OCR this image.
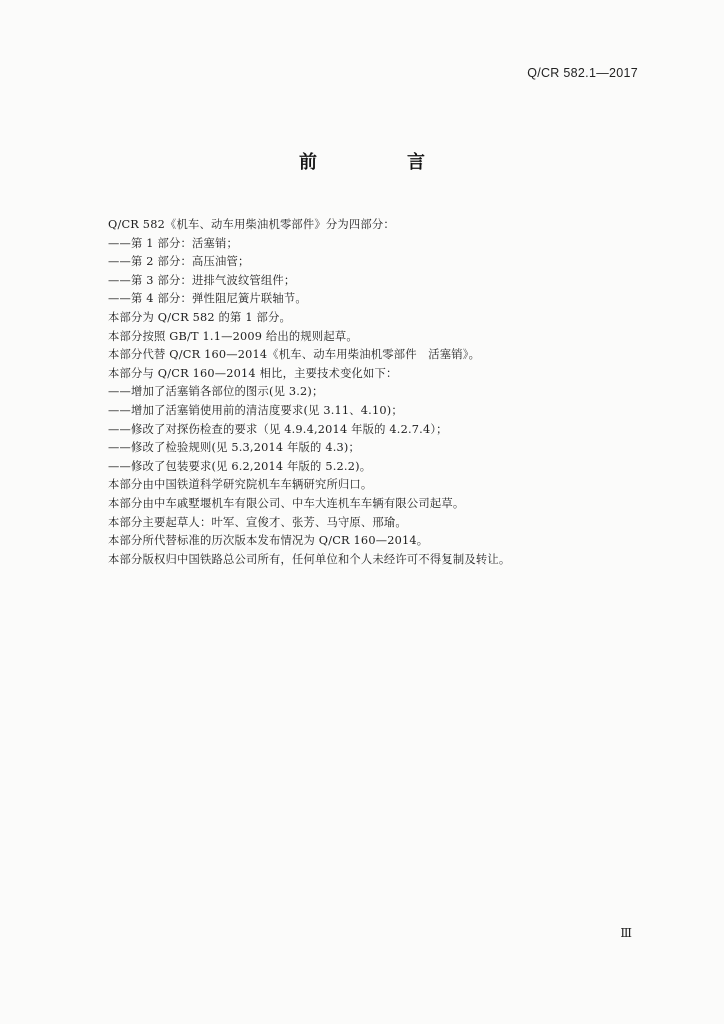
Q/CR 582.1—2017
前　言
Q/CR 582《机车、动车用柴油机零部件》分为四部分：
——第 1 部分：活塞销；
——第 2 部分：高压油管；
——第 3 部分：进排气波纹管组件；
——第 4 部分：弹性阻尼簧片联轴节。
本部分为 Q/CR 582 的第 1 部分。
本部分按照 GB/T 1.1—2009 给出的规则起草。
本部分代替 Q/CR 160—2014《机车、动车用柴油机零部件　活塞销》。
本部分与 Q/CR 160—2014 相比，主要技术变化如下：
——增加了活塞销各部位的图示(见 3.2)；
——增加了活塞销使用前的清洁度要求(见 3.11、4.10)；
——修改了对探伤检查的要求（见 4.9.4,2014 年版的 4.2.7.4）；
——修改了检验规则(见 5.3,2014 年版的 4.3)；
——修改了包装要求(见 6.2,2014 年版的 5.2.2)。
本部分由中国铁道科学研究院机车车辆研究所归口。
本部分由中车戚墅堰机车有限公司、中车大连机车车辆有限公司起草。
本部分主要起草人：叶军、宣俊才、张芳、马守原、邢瑜。
本部分所代替标准的历次版本发布情况为 Q/CR 160—2014。
本部分版权归中国铁路总公司所有，任何单位和个人未经许可不得复制及转让。
Ⅲ
